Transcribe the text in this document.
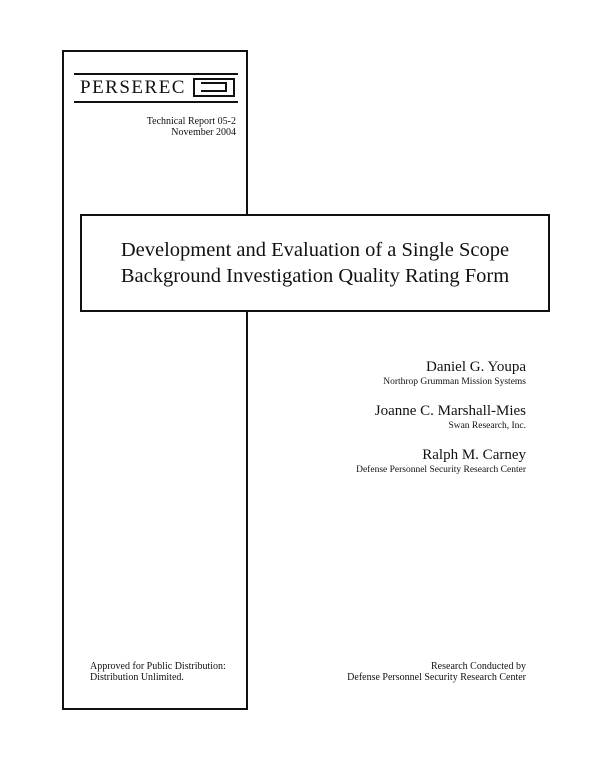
PERSEREC
Technical Report 05-2
November 2004
Development and Evaluation of a Single Scope
Background Investigation Quality Rating Form
Daniel G. Youpa
Northrop Grumman Mission Systems
Joanne C. Marshall-Mies
Swan Research, Inc.
Ralph M. Carney
Defense Personnel Security Research Center
Approved for Public Distribution:
Distribution Unlimited.
Research Conducted by
Defense Personnel Security Research Center
